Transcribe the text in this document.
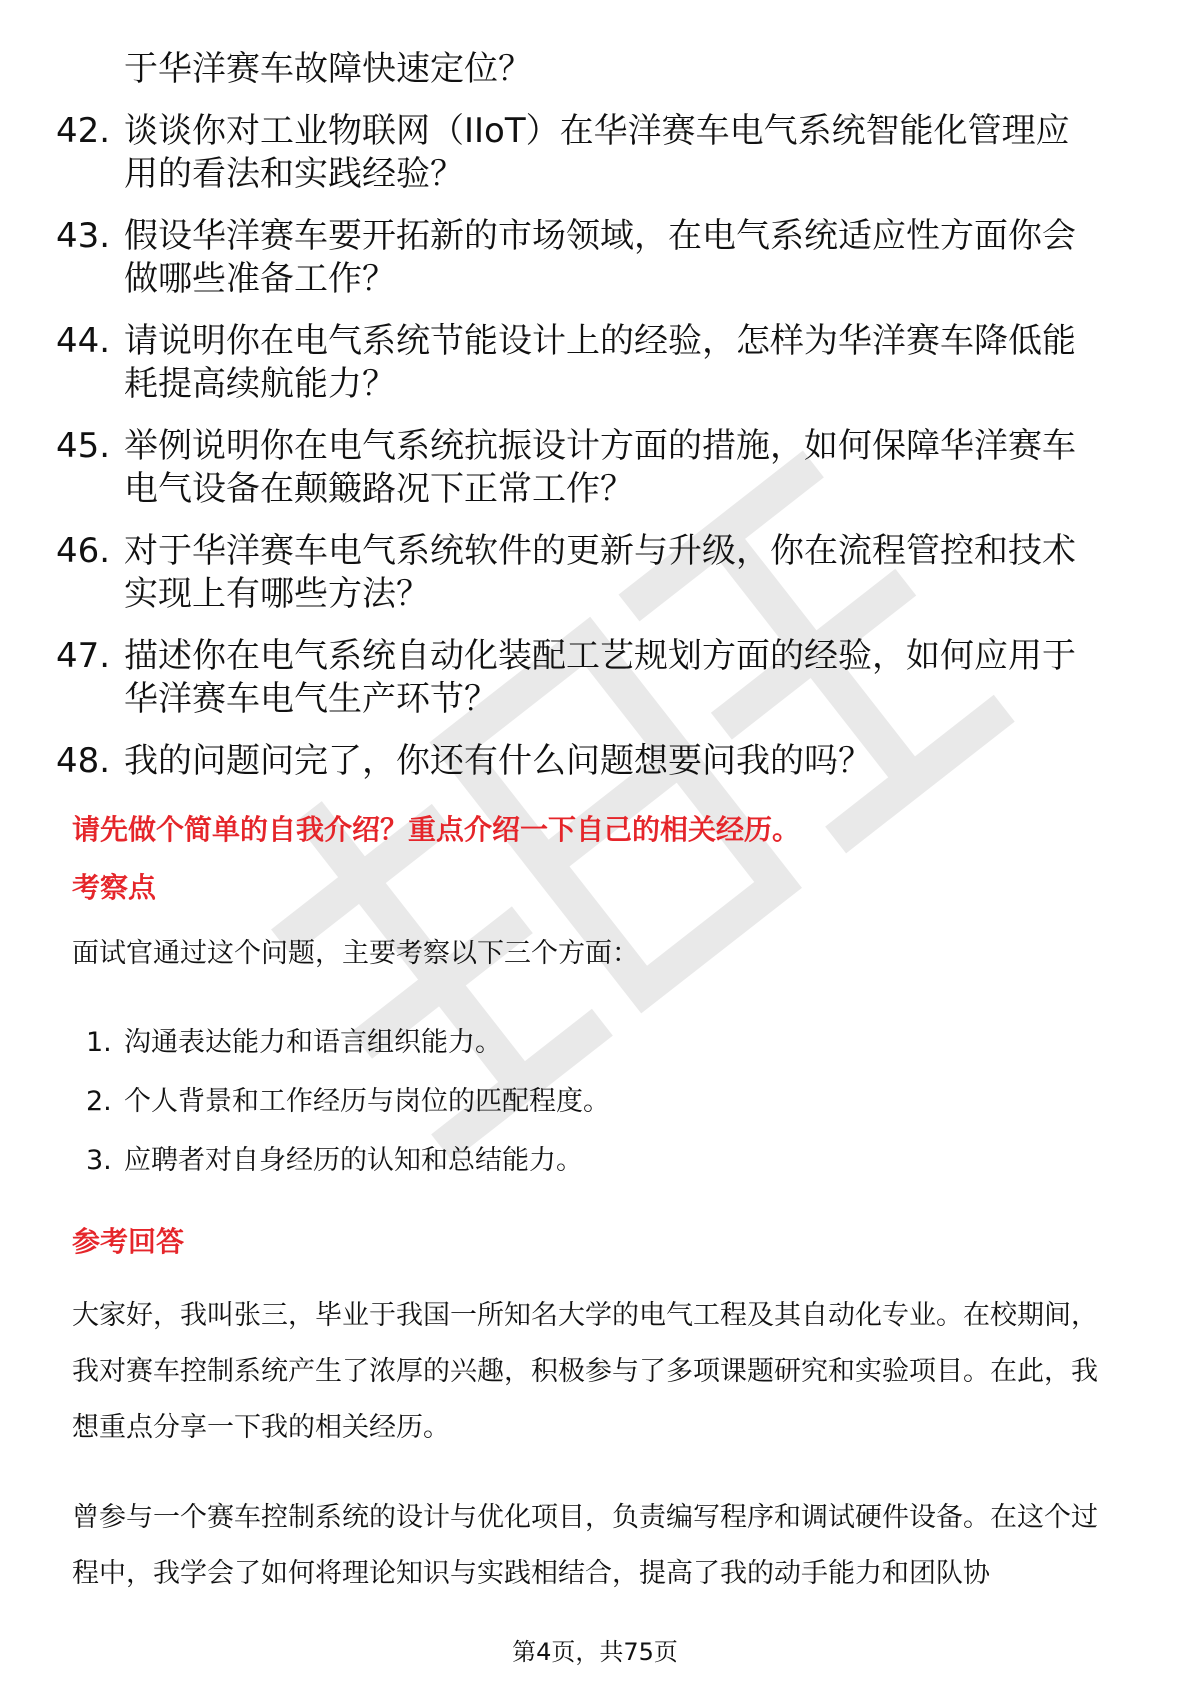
于华洋赛车故障快速定位？
42. 谈谈你对工业物联网（IIoT）在华洋赛车电气系统智能化管理应
用的看法和实践经验？
43. 假设华洋赛车要开拓新的市场领域，在电气系统适应性方面你会
做哪些准备工作？
44. 请说明你在电气系统节能设计上的经验，怎样为华洋赛车降低能
耗提高续航能力？
45. 举例说明你在电气系统抗振设计方面的措施，如何保障华洋赛车
电气设备在颠簸路况下正常工作？
46. 对于华洋赛车电气系统软件的更新与升级，你在流程管控和技术
实现上有哪些方法？
47. 描述你在电气系统自动化装配工艺规划方面的经验，如何应用于
华洋赛车电气生产环节？
48. 我的问题问完了，你还有什么问题想要问我的吗？
请先做个简单的自我介绍？重点介绍一下自己的相关经历。
考察点
面试官通过这个问题，主要考察以下三个方面：
1. 沟通表达能力和语言组织能力。
2. 个人背景和工作经历与岗位的匹配程度。
3. 应聘者对自身经历的认知和总结能力。
参考回答
大家好，我叫张三，毕业于我国一所知名大学的电气工程及其自动化专业。在校期间，我对赛车控制系统产生了浓厚的兴趣，积极参与了多项课题研究和实验项目。在此，我想重点分享一下我的相关经历。
曾参与一个赛车控制系统的设计与优化项目，负责编写程序和调试硬件设备。在这个过程中，我学会了如何将理论知识与实践相结合，提高了我的动手能力和团队协
第4页，共75页
